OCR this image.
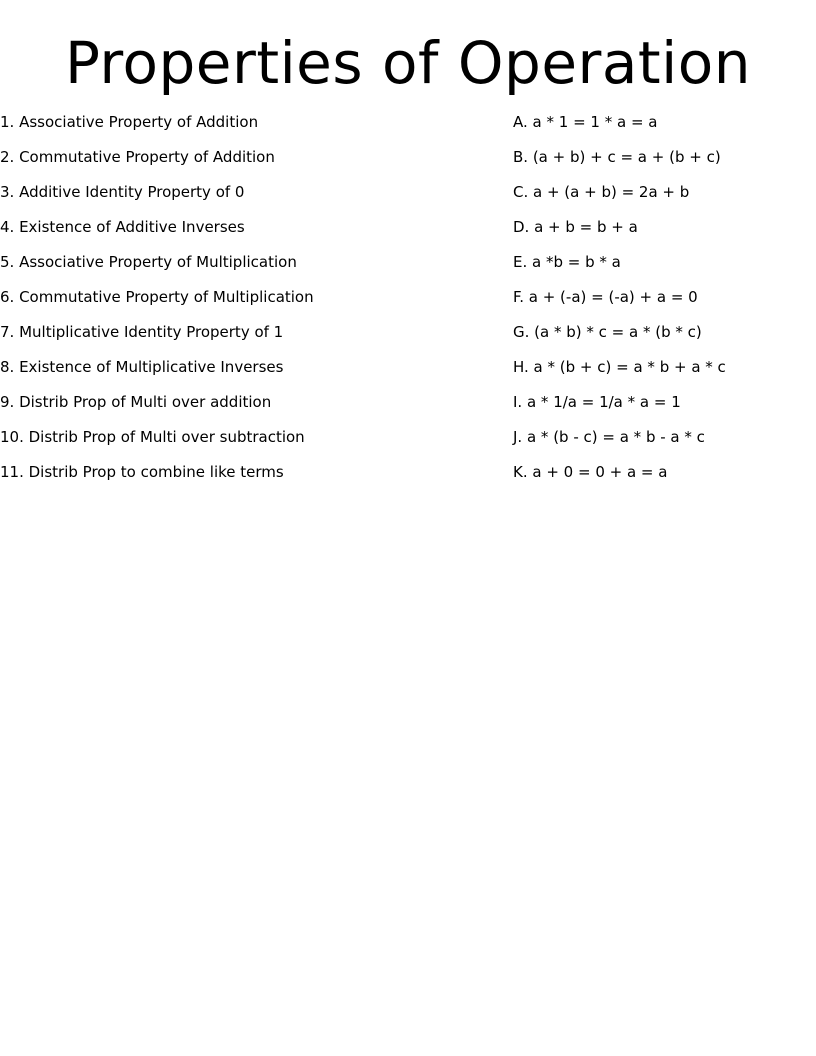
Properties of Operation
1. Associative Property of Addition
2. Commutative Property of Addition
3. Additive Identity Property of 0
4. Existence of Additive Inverses
5. Associative Property of Multiplication
6. Commutative Property of Multiplication
7. Multiplicative Identity Property of 1
8. Existence of Multiplicative Inverses
9. Distrib Prop of Multi over addition
10. Distrib Prop of Multi over subtraction
11. Distrib Prop to combine like terms
A. a * 1 = 1 * a = a
B. (a + b) + c = a + (b + c)
C. a + (a + b) = 2a + b
D. a + b = b + a
E. a *b = b * a
F. a + (-a) = (-a) + a = 0
G. (a * b) * c = a * (b * c)
H. a * (b + c) = a * b + a * c
I. a * 1/a = 1/a * a = 1
J. a * (b - c) = a * b - a * c
K. a + 0 = 0 + a = a
